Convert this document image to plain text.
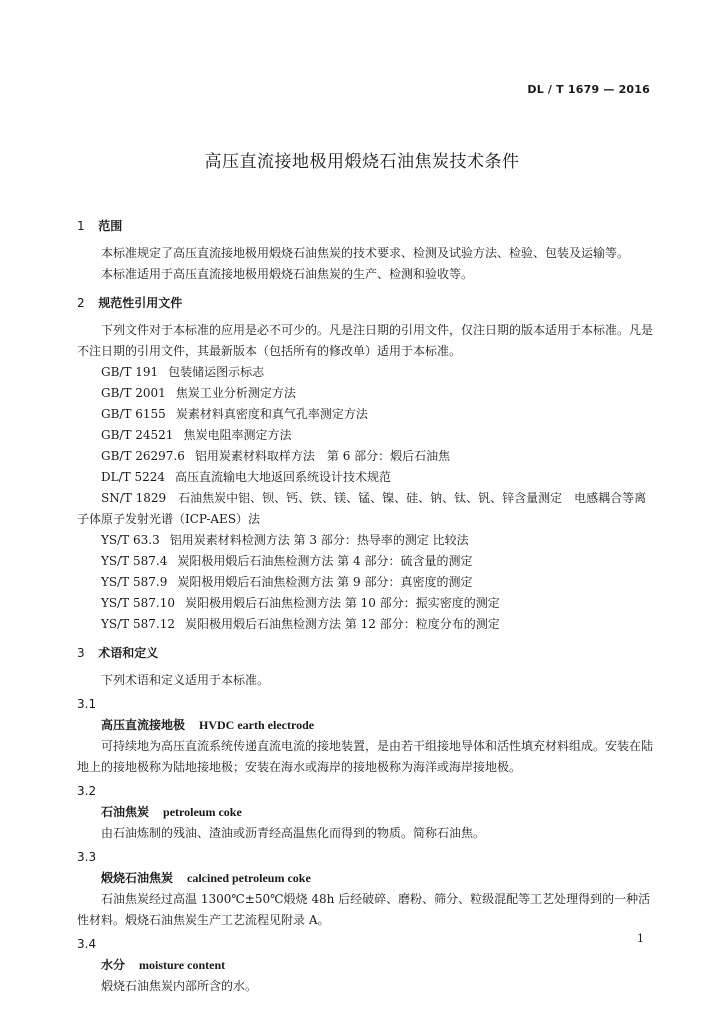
DL / T 1679 — 2016
高压直流接地极用煅烧石油焦炭技术条件
1 范围
本标准规定了高压直流接地极用煅烧石油焦炭的技术要求、检测及试验方法、检验、包装及运输等。
本标准适用于高压直流接地极用煅烧石油焦炭的生产、检测和验收等。
2 规范性引用文件
下列文件对于本标准的应用是必不可少的。凡是注日期的引用文件，仅注日期的版本适用于本标准。凡是不注日期的引用文件，其最新版本（包括所有的修改单）适用于本标准。
GB/T 191 包装储运图示标志
GB/T 2001 焦炭工业分析测定方法
GB/T 6155 炭素材料真密度和真气孔率测定方法
GB/T 24521 焦炭电阻率测定方法
GB/T 26297.6 铝用炭素材料取样方法　第 6 部分：煅后石油焦
DL/T 5224 高压直流输电大地返回系统设计技术规范
SN/T 1829　 石油焦炭中铝、钡、钙、铁、镁、锰、镍、硅、钠、钛、钒、锌含量测定　电感耦合等离子体原子发射光谱（ICP-AES）法
YS/T 63.3 铝用炭素材料检测方法 第 3 部分：热导率的测定 比较法
YS/T 587.4 炭阳极用煅后石油焦检测方法 第 4 部分：硫含量的测定
YS/T 587.9 炭阳极用煅后石油焦检测方法 第 9 部分：真密度的测定
YS/T 587.10 炭阳极用煅后石油焦检测方法 第 10 部分：振实密度的测定
YS/T 587.12 炭阳极用煅后石油焦检测方法 第 12 部分：粒度分布的测定
3 术语和定义
下列术语和定义适用于本标准。
3.1
高压直流接地极 HVDC earth electrode
可持续地为高压直流系统传递直流电流的接地装置，是由若干组接地导体和活性填充材料组成。安装在陆地上的接地极称为陆地接地极；安装在海水或海岸的接地极称为海洋或海岸接地极。
3.2
石油焦炭 petroleum coke
由石油炼制的残油、渣油或沥青经高温焦化而得到的物质。简称石油焦。
3.3
煅烧石油焦炭 calcined petroleum coke
石油焦炭经过高温 1300℃±50℃煅烧 48h 后经破碎、磨粉、筛分、粒级混配等工艺处理得到的一种活性材料。煅烧石油焦炭生产工艺流程见附录 A。
3.4
水分 moisture content
煅烧石油焦炭内部所含的水。
1
